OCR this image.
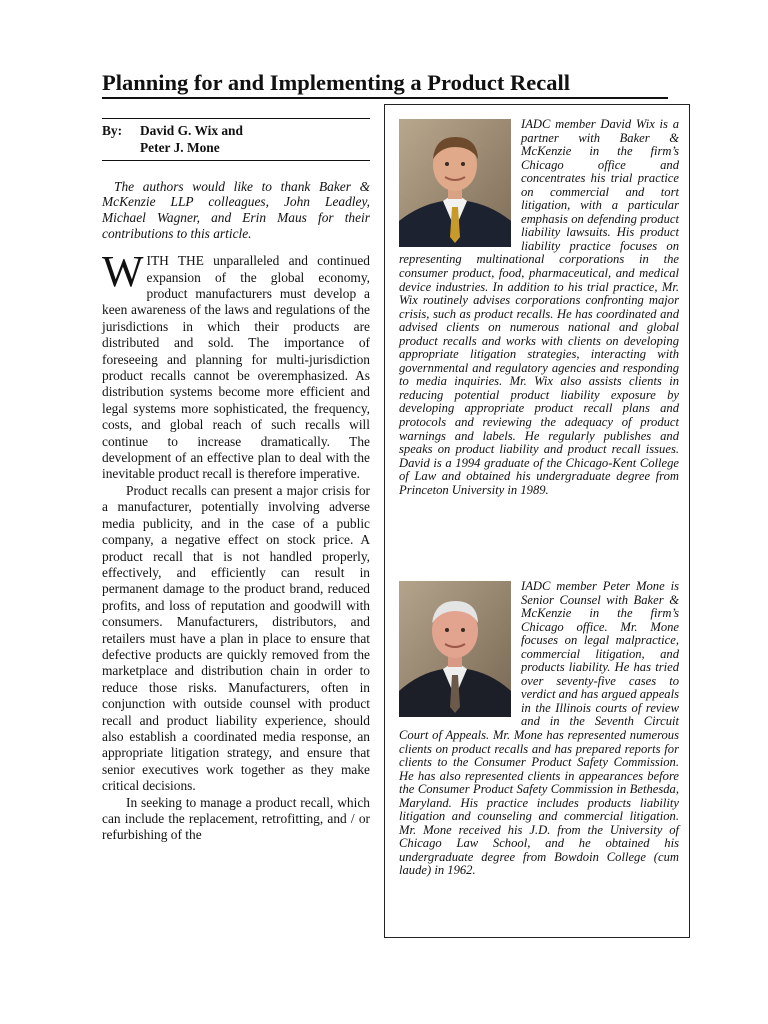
Planning for and Implementing a Product Recall
By:	David G. Wix and
Peter J. Mone

The authors would like to thank Baker & McKenzie LLP colleagues, John Leadley, Michael Wagner, and Erin Maus for their contributions to this article.

WITH THE unparalleled and continued expansion of the global economy, product manufacturers must develop a keen awareness of the laws and regulations of the jurisdictions in which their products are distributed and sold. The importance of foreseeing and planning for multi-jurisdiction product recalls cannot be overemphasized. As distribution systems become more efficient and legal systems more sophisticated, the frequency, costs, and global reach of such recalls will continue to increase dramatically. The development of an effective plan to deal with the inevitable product recall is therefore imperative.

Product recalls can present a major crisis for a manufacturer, potentially involving adverse media publicity, and in the case of a public company, a negative effect on stock price. A product recall that is not handled properly, effectively, and efficiently can result in permanent damage to the product brand, reduced profits, and loss of reputation and goodwill with consumers. Manufacturers, distributors, and retailers must have a plan in place to ensure that defective products are quickly removed from the marketplace and distribution chain in order to reduce those risks. Manufacturers, often in conjunction with outside counsel with product recall and product liability experience, should also establish a coordinated media response, an appropriate litigation strategy, and ensure that senior executives work together as they make critical decisions.

In seeking to manage a product recall, which can include the replacement, retrofitting, and / or refurbishing of the

IADC member David Wix is a partner with Baker & McKenzie in the firm’s Chicago office and concentrates his trial practice on commercial and tort litigation, with a particular emphasis on defending product liability lawsuits. His product liability practice focuses on representing multinational corporations in the consumer product, food, pharmaceutical, and medical device industries. In addition to his trial practice, Mr. Wix routinely advises corporations confronting major crisis, such as product recalls. He has coordinated and advised clients on numerous national and global product recalls and works with clients on developing appropriate litigation strategies, interacting with governmental and regulatory agencies and responding to media inquiries. Mr. Wix also assists clients in reducing potential product liability exposure by developing appropriate product recall plans and protocols and reviewing the adequacy of product warnings and labels. He regularly publishes and speaks on product liability and product recall issues. David is a 1994 graduate of the Chicago-Kent College of Law and obtained his undergraduate degree from Princeton University in 1989.
IADC member Peter Mone is Senior Counsel with Baker & McKenzie in the firm’s Chicago office. Mr. Mone focuses on legal malpractice, commercial litigation, and products liability. He has tried over seventy-five cases to verdict and has argued appeals in the Illinois courts of review and in the Seventh Circuit Court of Appeals. Mr. Mone has represented numerous clients on product recalls and has prepared reports for clients to the Consumer Product Safety Commission. He has also represented clients in appearances before the Consumer Product Safety Commission in Bethesda, Maryland. His practice includes products liability litigation and counseling and commercial litigation. Mr. Mone received his J.D. from the University of Chicago Law School, and he obtained his undergraduate degree from Bowdoin College (cum laude) in 1962.
